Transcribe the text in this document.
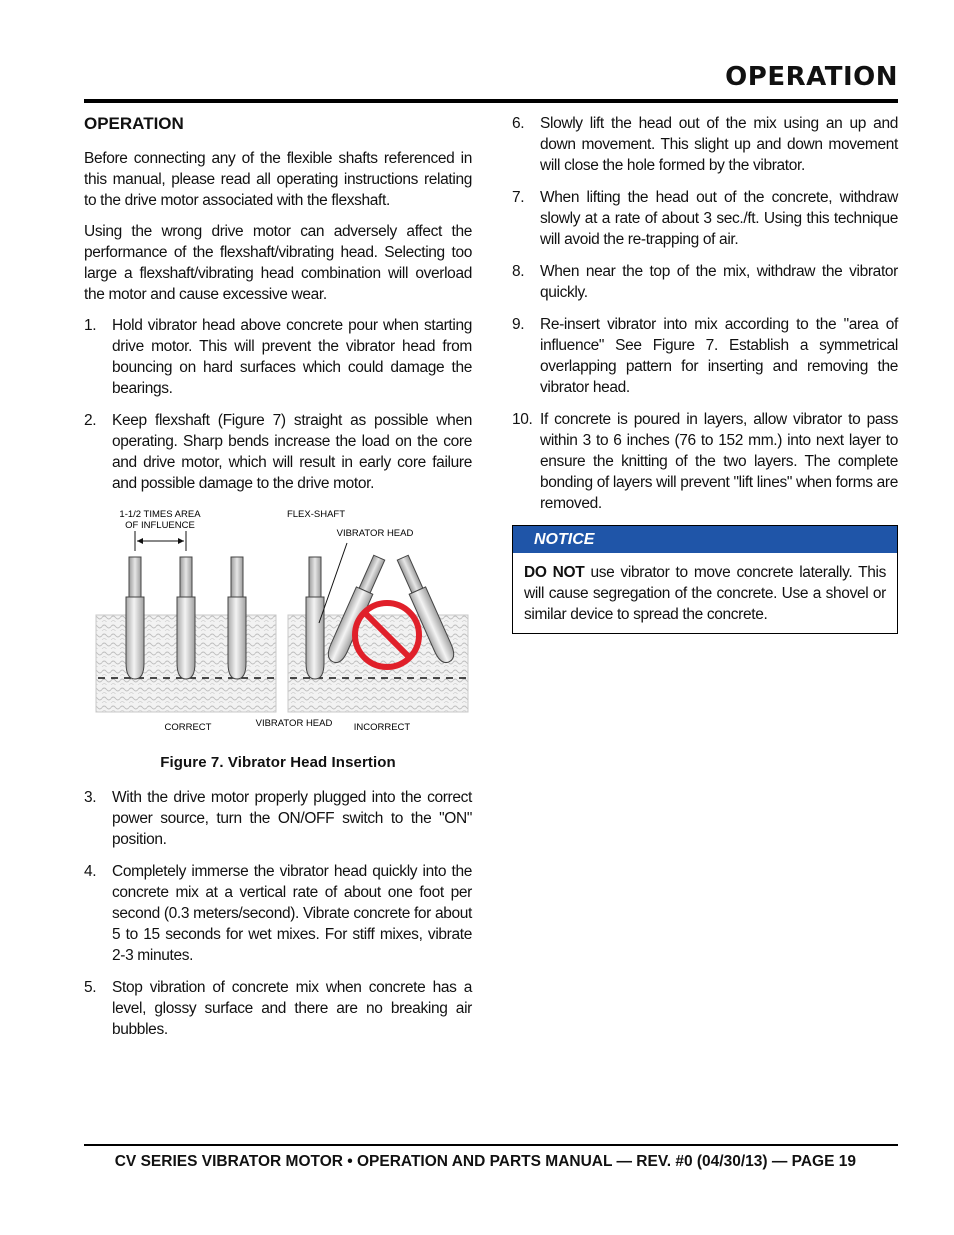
OPERATION
OPERATION

Before connecting any of the flexible shafts referenced in this manual, please read all operating instructions relating to the drive motor associated with the flexshaft.

Using the wrong drive motor can adversely affect the performance of the flexshaft/vibrating head. Selecting too large a flexshaft/vibrating head combination will overload the motor and cause excessive wear.

1. Hold vibrator head above concrete pour when starting drive motor. This will prevent the vibrator head from bouncing on hard surfaces which could damage the bearings.
2. Keep flexshaft (Figure 7) straight as possible when operating. Sharp bends increase the load on the core and drive motor, which will result in early core failure and possible damage to the drive motor.
1-1/2 TIMES AREA
OF INFLUENCE
FLEX-SHAFT
VIBRATOR HEAD
CORRECT	VIBRATOR HEAD INCORRECT
Figure 7. Vibrator Head Insertion
3. With the drive motor properly plugged into the correct power source, turn the ON/OFF switch to the "ON" position.
4. Completely immerse the vibrator head quickly into the concrete mix at a vertical rate of about one foot per second (0.3 meters/second). Vibrate concrete for about 5 to 15 seconds for wet mixes. For stiff mixes, vibrate 2-3 minutes.
5. Stop vibration of concrete mix when concrete has a level, glossy surface and there are no breaking air bubbles.
6. Slowly lift the head out of the mix using an up and down movement. This slight up and down movement will close the hole formed by the vibrator.
7. When lifting the head out of the concrete, withdraw slowly at a rate of about 3 sec./ft. Using this technique will avoid the re-trapping of air.
8. When near the top of the mix, withdraw the vibrator quickly.
9. Re-insert vibrator into mix according to the "area of influence" See Figure 7. Establish a symmetrical overlapping pattern for inserting and removing the vibrator head.
10. If concrete is poured in layers, allow vibrator to pass within 3 to 6 inches (76 to 152 mm.) into next layer to ensure the knitting of the two layers. The complete bonding of layers will prevent "lift lines" when forms are removed.
NOTICE
DO NOT use vibrator to move concrete laterally. This will cause segregation of the concrete. Use a shovel or similar device to spread the concrete.
CV SERIES VIBRATOR MOTOR • OPERATION AND PARTS MANUAL — REV. #0 (04/30/13) — PAGE 19
